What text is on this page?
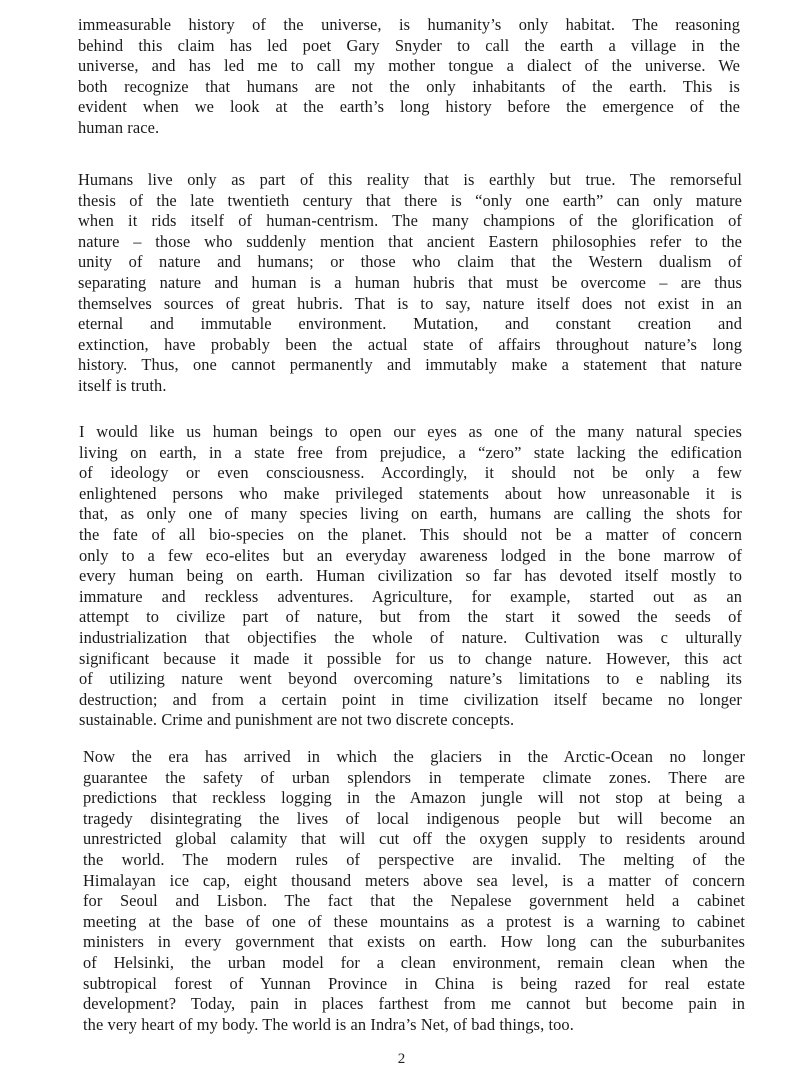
immeasurable history of the universe, is humanity’s only habitat. The reasoning
behind this claim has led poet Gary Snyder to call the earth a village in the
universe, and has led me to call my mother tongue a dialect of the universe. We
both recognize that humans are not the only inhabitants of the earth. This is
evident when we look at the earth’s long history before the emergence of the
human race.
Humans live only as part of this reality that is earthly but true. The remorseful
thesis of the late twentieth century that there is “only one earth” can only mature
when it rids itself of human-centrism. The many champions of the glorification of
nature – those who suddenly mention that ancient Eastern philosophies refer to the
unity of nature and humans; or those who claim that the Western dualism of
separating nature and human is a human hubris that must be overcome – are thus
themselves sources of great hubris. That is to say, nature itself does not exist in an
eternal and immutable environment. Mutation, and constant creation and
extinction, have probably been the actual state of affairs throughout nature’s long
history. Thus, one cannot permanently and immutably make a statement that nature
itself is truth.
I would like us human beings to open our eyes as one of the many natural species
living on earth, in a state free from prejudice, a “zero” state lacking the edification
of ideology or even consciousness. Accordingly, it should not be only a few
enlightened persons who make privileged statements about how unreasonable it is
that, as only one of many species living on earth, humans are calling the shots for
the fate of all bio-species on the planet. This should not be a matter of concern
only to a few eco-elites but an everyday awareness lodged in the bone marrow of
every human being on earth. Human civilization so far has devoted itself mostly to
immature and reckless adventures. Agriculture, for example, started out as an
attempt to civilize part of nature, but from the start it sowed the seeds of
industrialization that objectifies the whole of nature. Cultivation was c ulturally
significant because it made it possible for us to change nature. However, this act
of utilizing nature went beyond overcoming nature’s limitations to e nabling its
destruction; and from a certain point in time civilization itself became no longer
sustainable. Crime and punishment are not two discrete concepts.
Now the era has arrived in which the glaciers in the Arctic-Ocean no longer
guarantee the safety of urban splendors in temperate climate zones. There are
predictions that reckless logging in the Amazon jungle will not stop at being a
tragedy disintegrating the lives of local indigenous people but will become an
unrestricted global calamity that will cut off the oxygen supply to residents around
the world. The modern rules of perspective are invalid. The melting of the
Himalayan ice cap, eight thousand meters above sea level, is a matter of concern
for Seoul and Lisbon. The fact that the Nepalese government held a cabinet
meeting at the base of one of these mountains as a protest is a warning to cabinet
ministers in every government that exists on earth. How long can the suburbanites
of Helsinki, the urban model for a clean environment, remain clean when the
subtropical forest of Yunnan Province in China is being razed for real estate
development? Today, pain in places farthest from me cannot but become pain in
the very heart of my body. The world is an Indra’s Net, of bad things, too.
2
